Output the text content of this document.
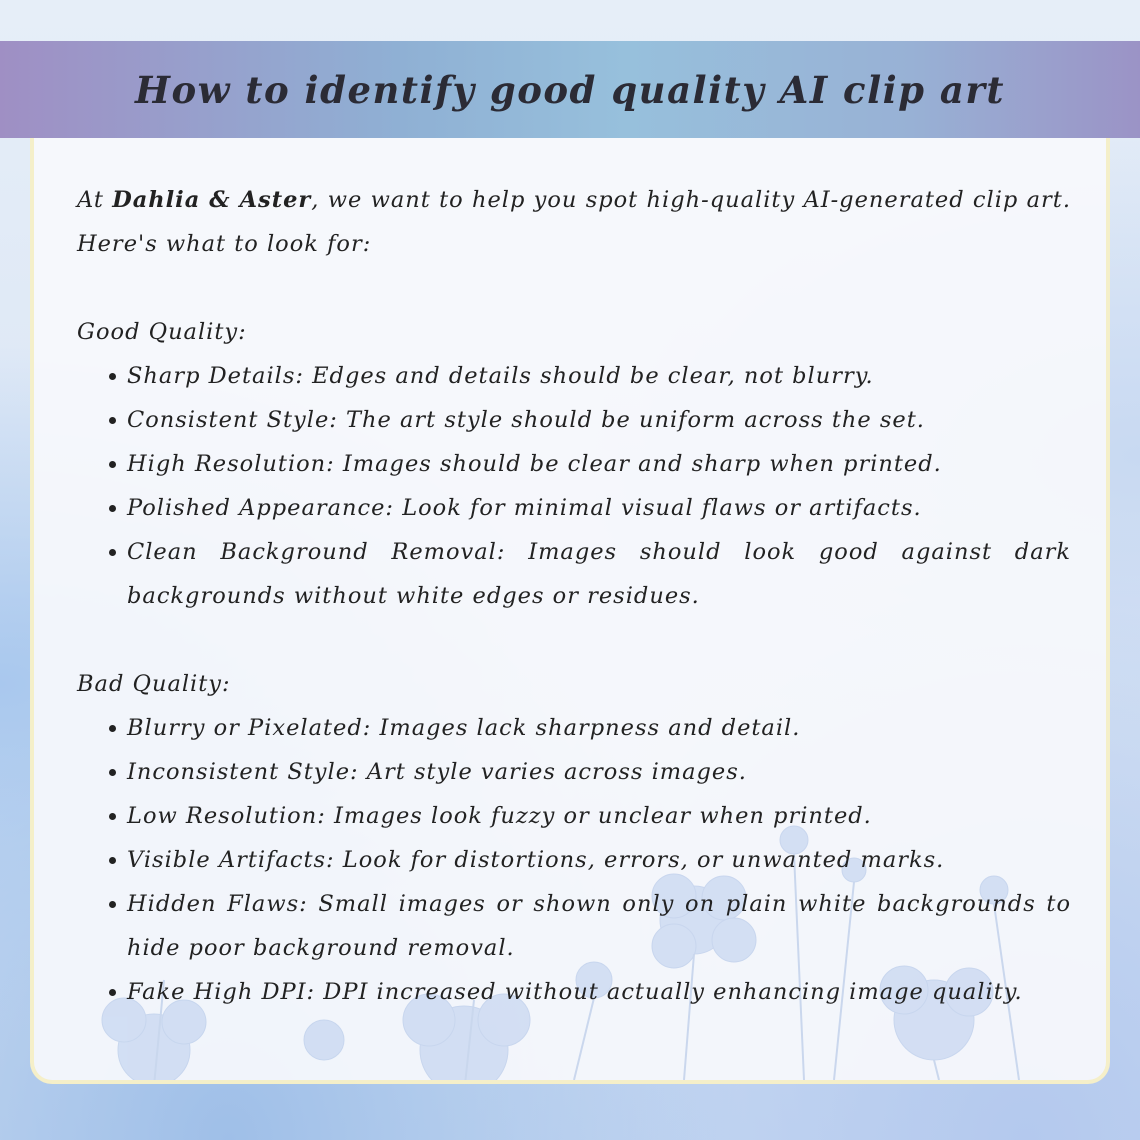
How to identify good quality AI clip art

At Dahlia & Aster, we want to help you spot high-quality AI-generated clip art. Here's what to look for:

Good Quality:

Sharp Details: Edges and details should be clear, not blurry.
Consistent Style: The art style should be uniform across the set.
High Resolution: Images should be clear and sharp when printed.
Polished Appearance: Look for minimal visual flaws or artifacts.
Clean Background Removal: Images should look good against dark backgrounds without white edges or residues.

Bad Quality:

Blurry or Pixelated: Images lack sharpness and detail.
Inconsistent Style: Art style varies across images.
Low Resolution: Images look fuzzy or unclear when printed.
Visible Artifacts: Look for distortions, errors, or unwanted marks.
Hidden Flaws: Small images or shown only on plain white backgrounds to hide poor background removal.
Fake High DPI: DPI increased without actually enhancing image quality.
